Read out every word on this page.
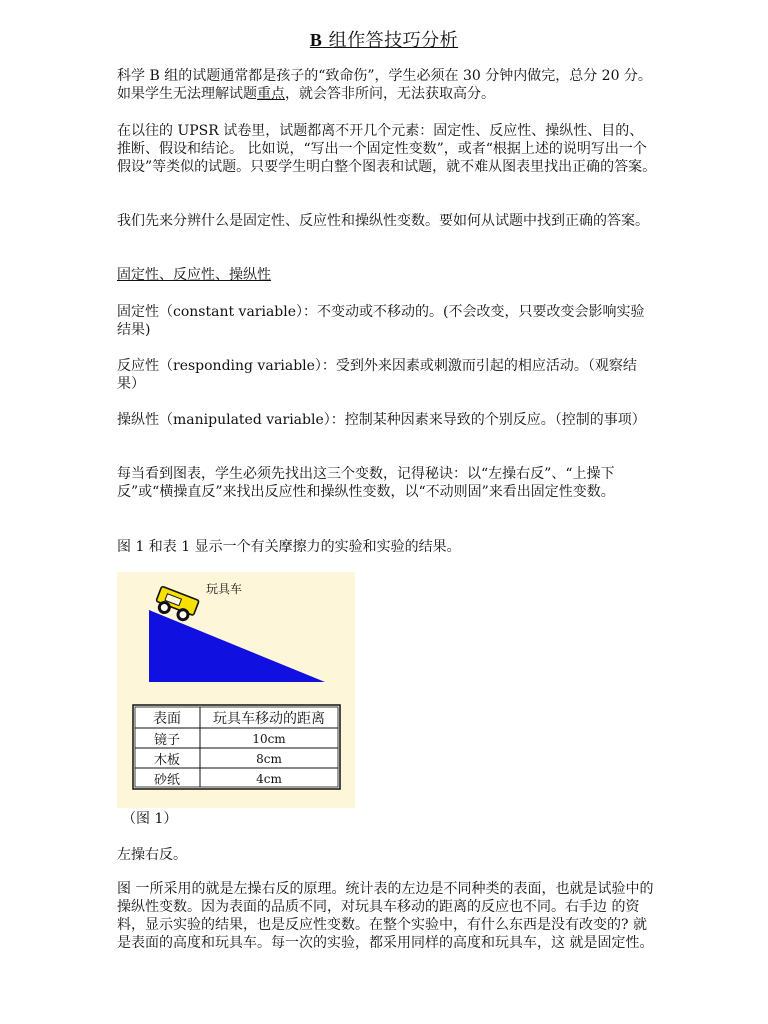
B 组作答技巧分析

科学 B 组的试题通常都是孩子的“致命伤”，学生必须在 30 分钟内做完，总分 20 分。如果学生无法理解试题重点，就会答非所问，无法获取高分。

在以往的 UPSR 试卷里，试题都离不开几个元素：固定性、反应性、操纵性、目的、推断、假设和结论。 比如说，“写出一个固定性变数”，或者“根据上述的说明写出一个假设”等类似的试题。只要学生明白整个图表和试题，就不难从图表里找出正确的答案。

我们先来分辨什么是固定性、反应性和操纵性变数。要如何从试题中找到正确的答案。

固定性、反应性、操纵性

固定性（constant variable）：不变动或不移动的。(不会改变，只要改变会影响实验结果)

反应性（responding variable）：受到外来因素或刺激而引起的相应活动。（观察结果）

操纵性（manipulated variable）：控制某种因素来导致的个别反应。（控制的事项）

每当看到图表，学生必须先找出这三个变数，记得秘诀：以“左操右反”、“上操下反”或“横操直反”来找出反应性和操纵性变数，以“不动则固”来看出固定性变数。

图 1 和表 1 显示一个有关摩擦力的实验和实验的结果。

玩具车
表面 玩具车移动的距离
镜子	10cm
木板	8cm
砂纸	4cm
（图 1）

左操右反。

图 一所采用的就是左操右反的原理。统计表的左边是不同种类的表面，也就是试验中的操纵性变数。因为表面的品质不同，对玩具车移动的距离的反应也不同。右手边 的资料，显示实验的结果，也是反应性变数。在整个实验中，有什么东西是没有改变的? 就是表面的高度和玩具车。每一次的实验，都采用同样的高度和玩具车，这 就是固定性。
